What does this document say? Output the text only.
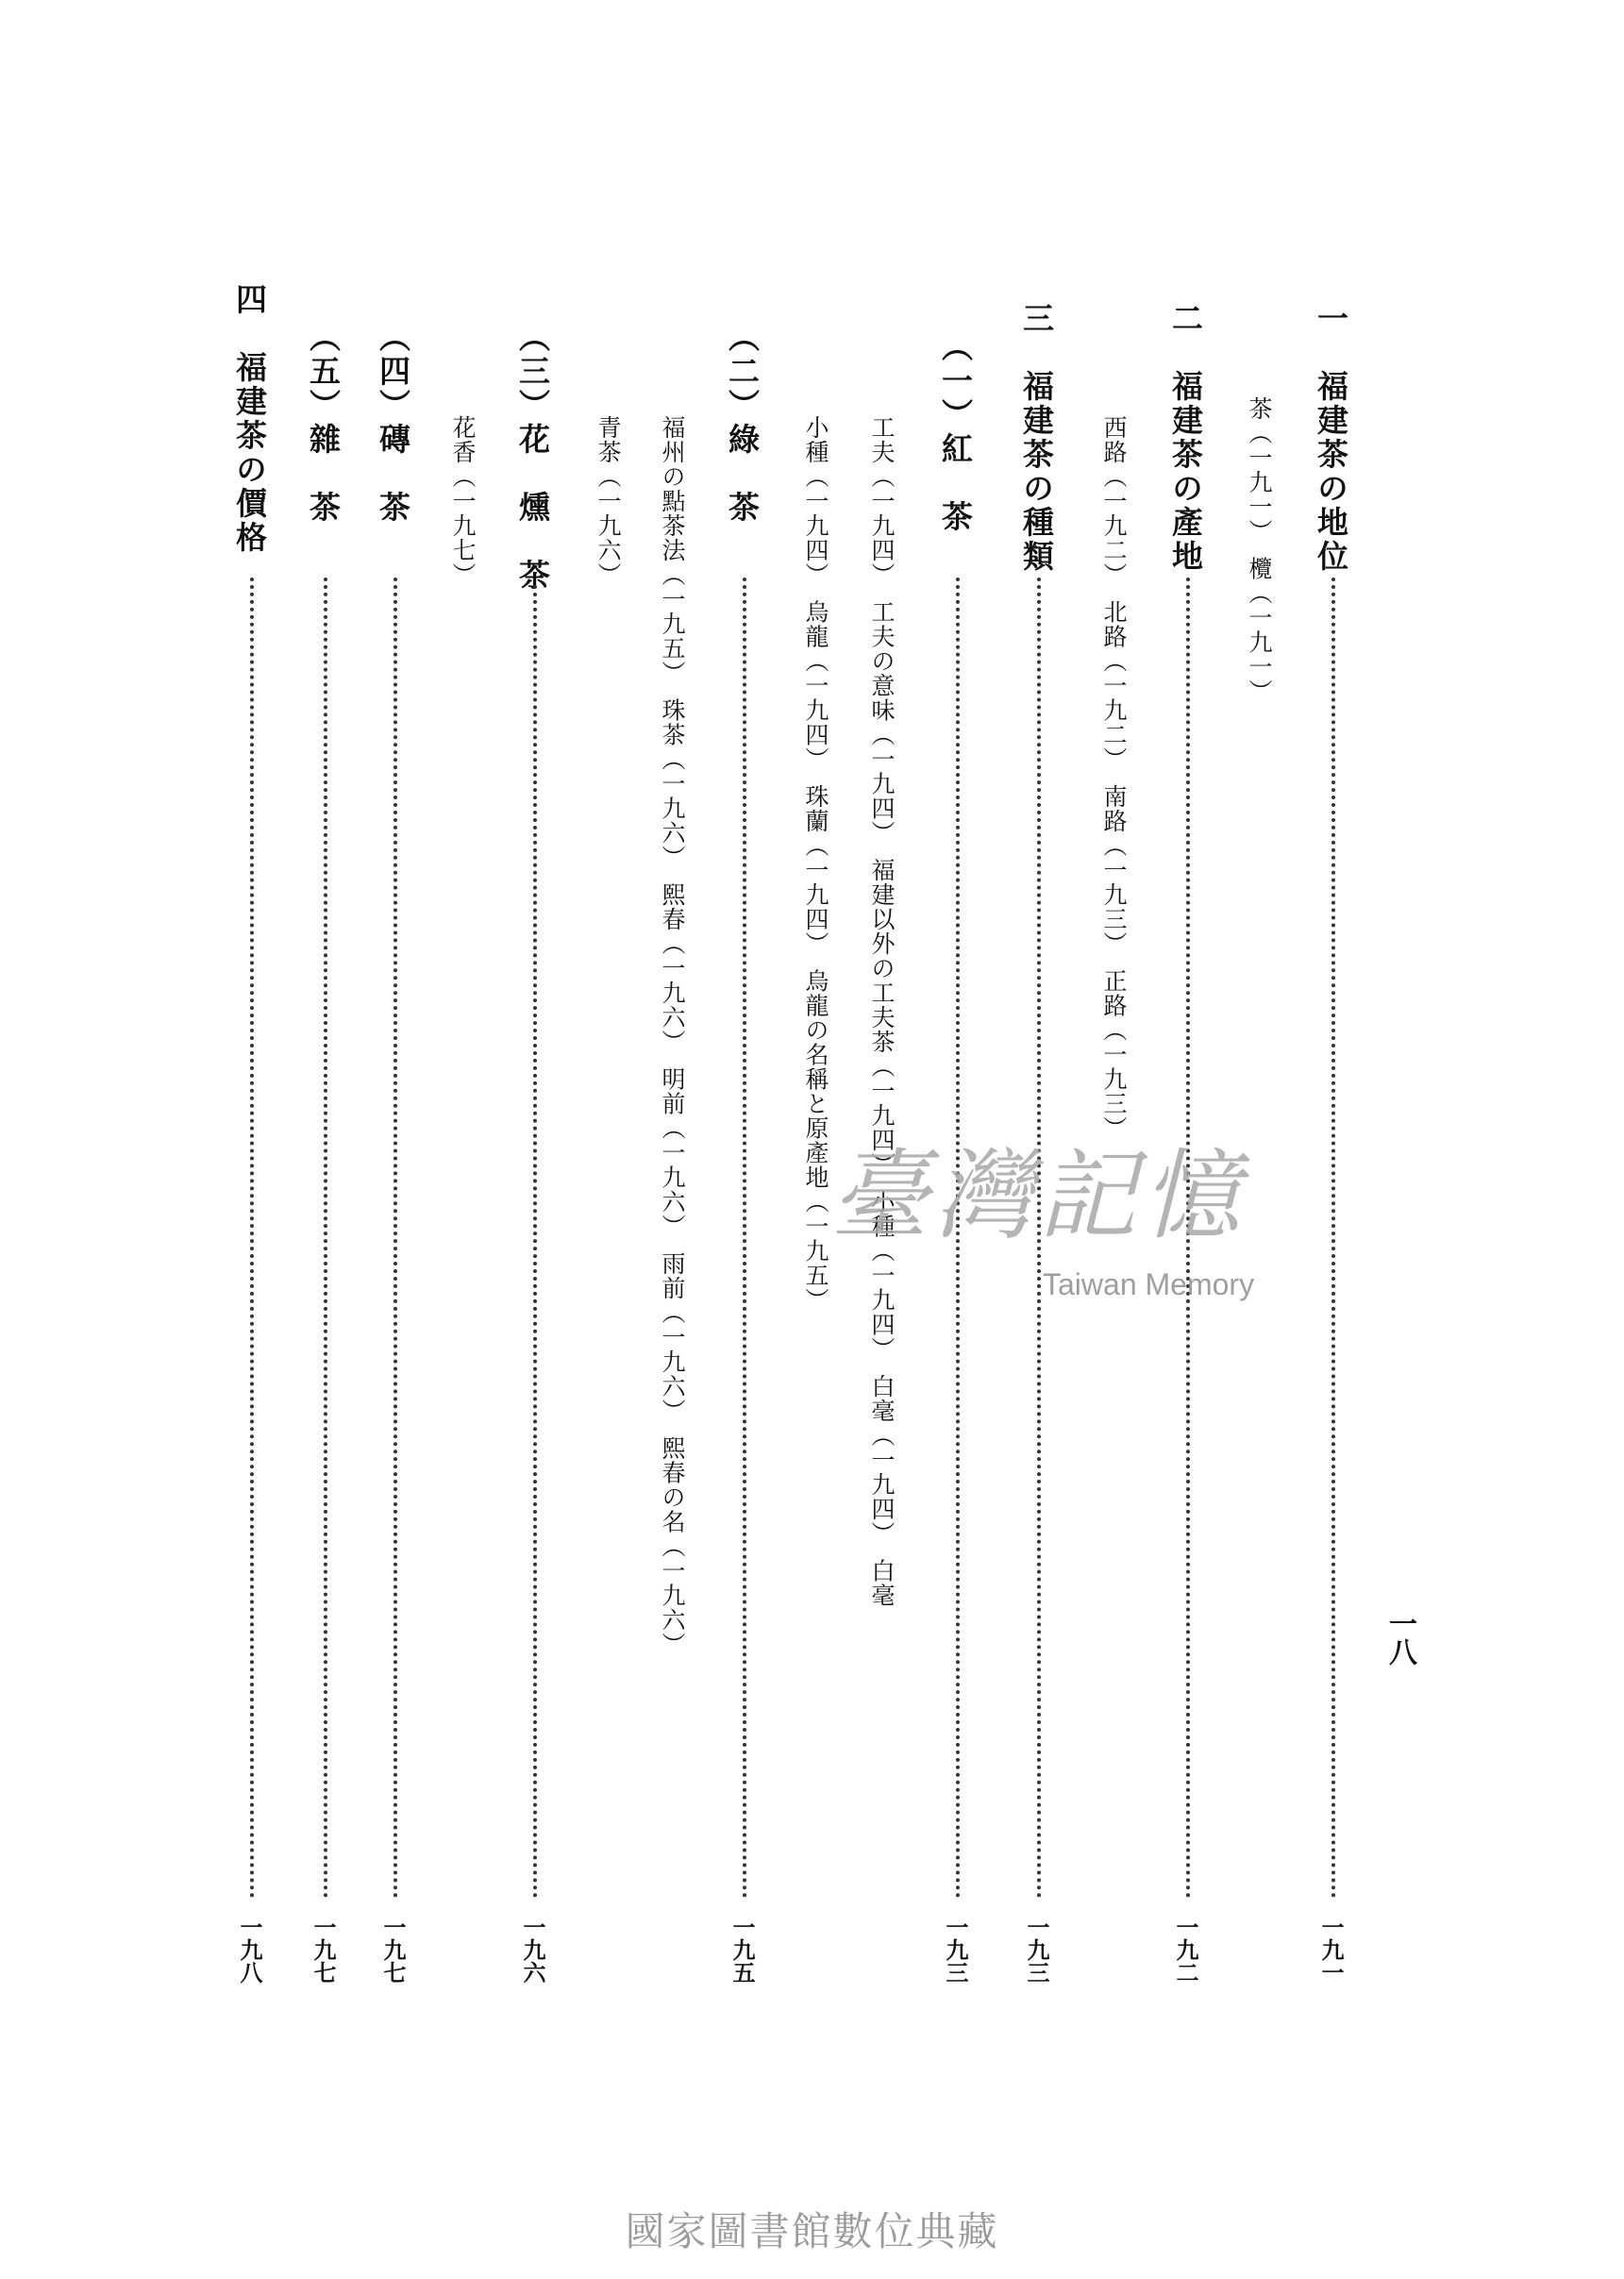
一八
一　福建茶の地位
一九一
茶（一九一）　欖（一九一）
二　福建茶の產地
一九二
西路（一九二）　北路（一九二）　南路（一九三）　正路（一九三）
三　福建茶の種類
一九三
（一）紅　茶
一九三
工夫（一九四）　工夫の意味（一九四）　福建以外の工夫茶（一九四）　小種（一九四）　白毫（一九四）　白毫
小種（一九四）　烏龍（一九四）　珠蘭（一九四）　烏龍の名稱と原產地（一九五）
（二）綠　茶
一九五
福州の點茶法（一九五）　珠茶（一九六）　熙春（一九六）　明前（一九六）　雨前（一九六）　熙春の名（一九六）
青茶（一九六）
（三）花　燻　茶
一九六
花香（一九七）
（四）磚　茶
一九七
（五）雜　茶
一九七
四　福建茶の價格
一九八
臺灣記憶
Taiwan Memory
國家圖書館數位典藏
